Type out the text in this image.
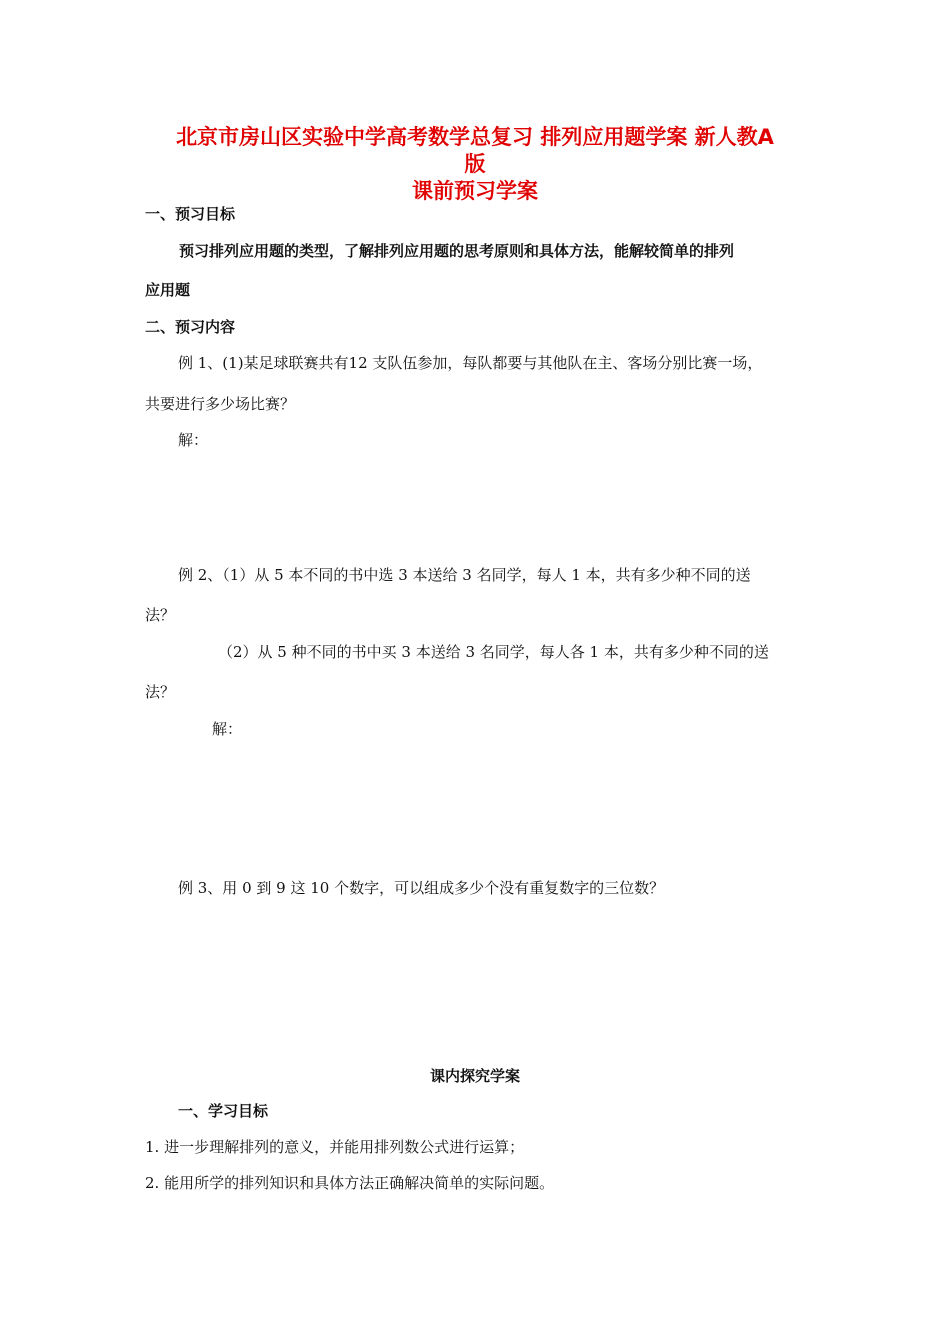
北京市房山区实验中学高考数学总复习 排列应用题学案 新人教A
版
课前预习学案
一、预习目标
预习排列应用题的类型，了解排列应用题的思考原则和具体方法，能解较简单的排列
应用题
二、预习内容
例 1、(1)某足球联赛共有12 支队伍参加，每队都要与其他队在主、客场分别比赛一场，
共要进行多少场比赛？
解：
例 2、（1）从 5 本不同的书中选 3 本送给 3 名同学，每人 1 本，共有多少种不同的送
法？
（2）从 5 种不同的书中买 3 本送给 3 名同学，每人各 1 本，共有多少种不同的送
法？
解：
例 3、用 0 到 9 这 10 个数字，可以组成多少个没有重复数字的三位数？
课内探究学案
一、学习目标
1. 进一步理解排列的意义，并能用排列数公式进行运算；
2. 能用所学的排列知识和具体方法正确解决简单的实际问题。
